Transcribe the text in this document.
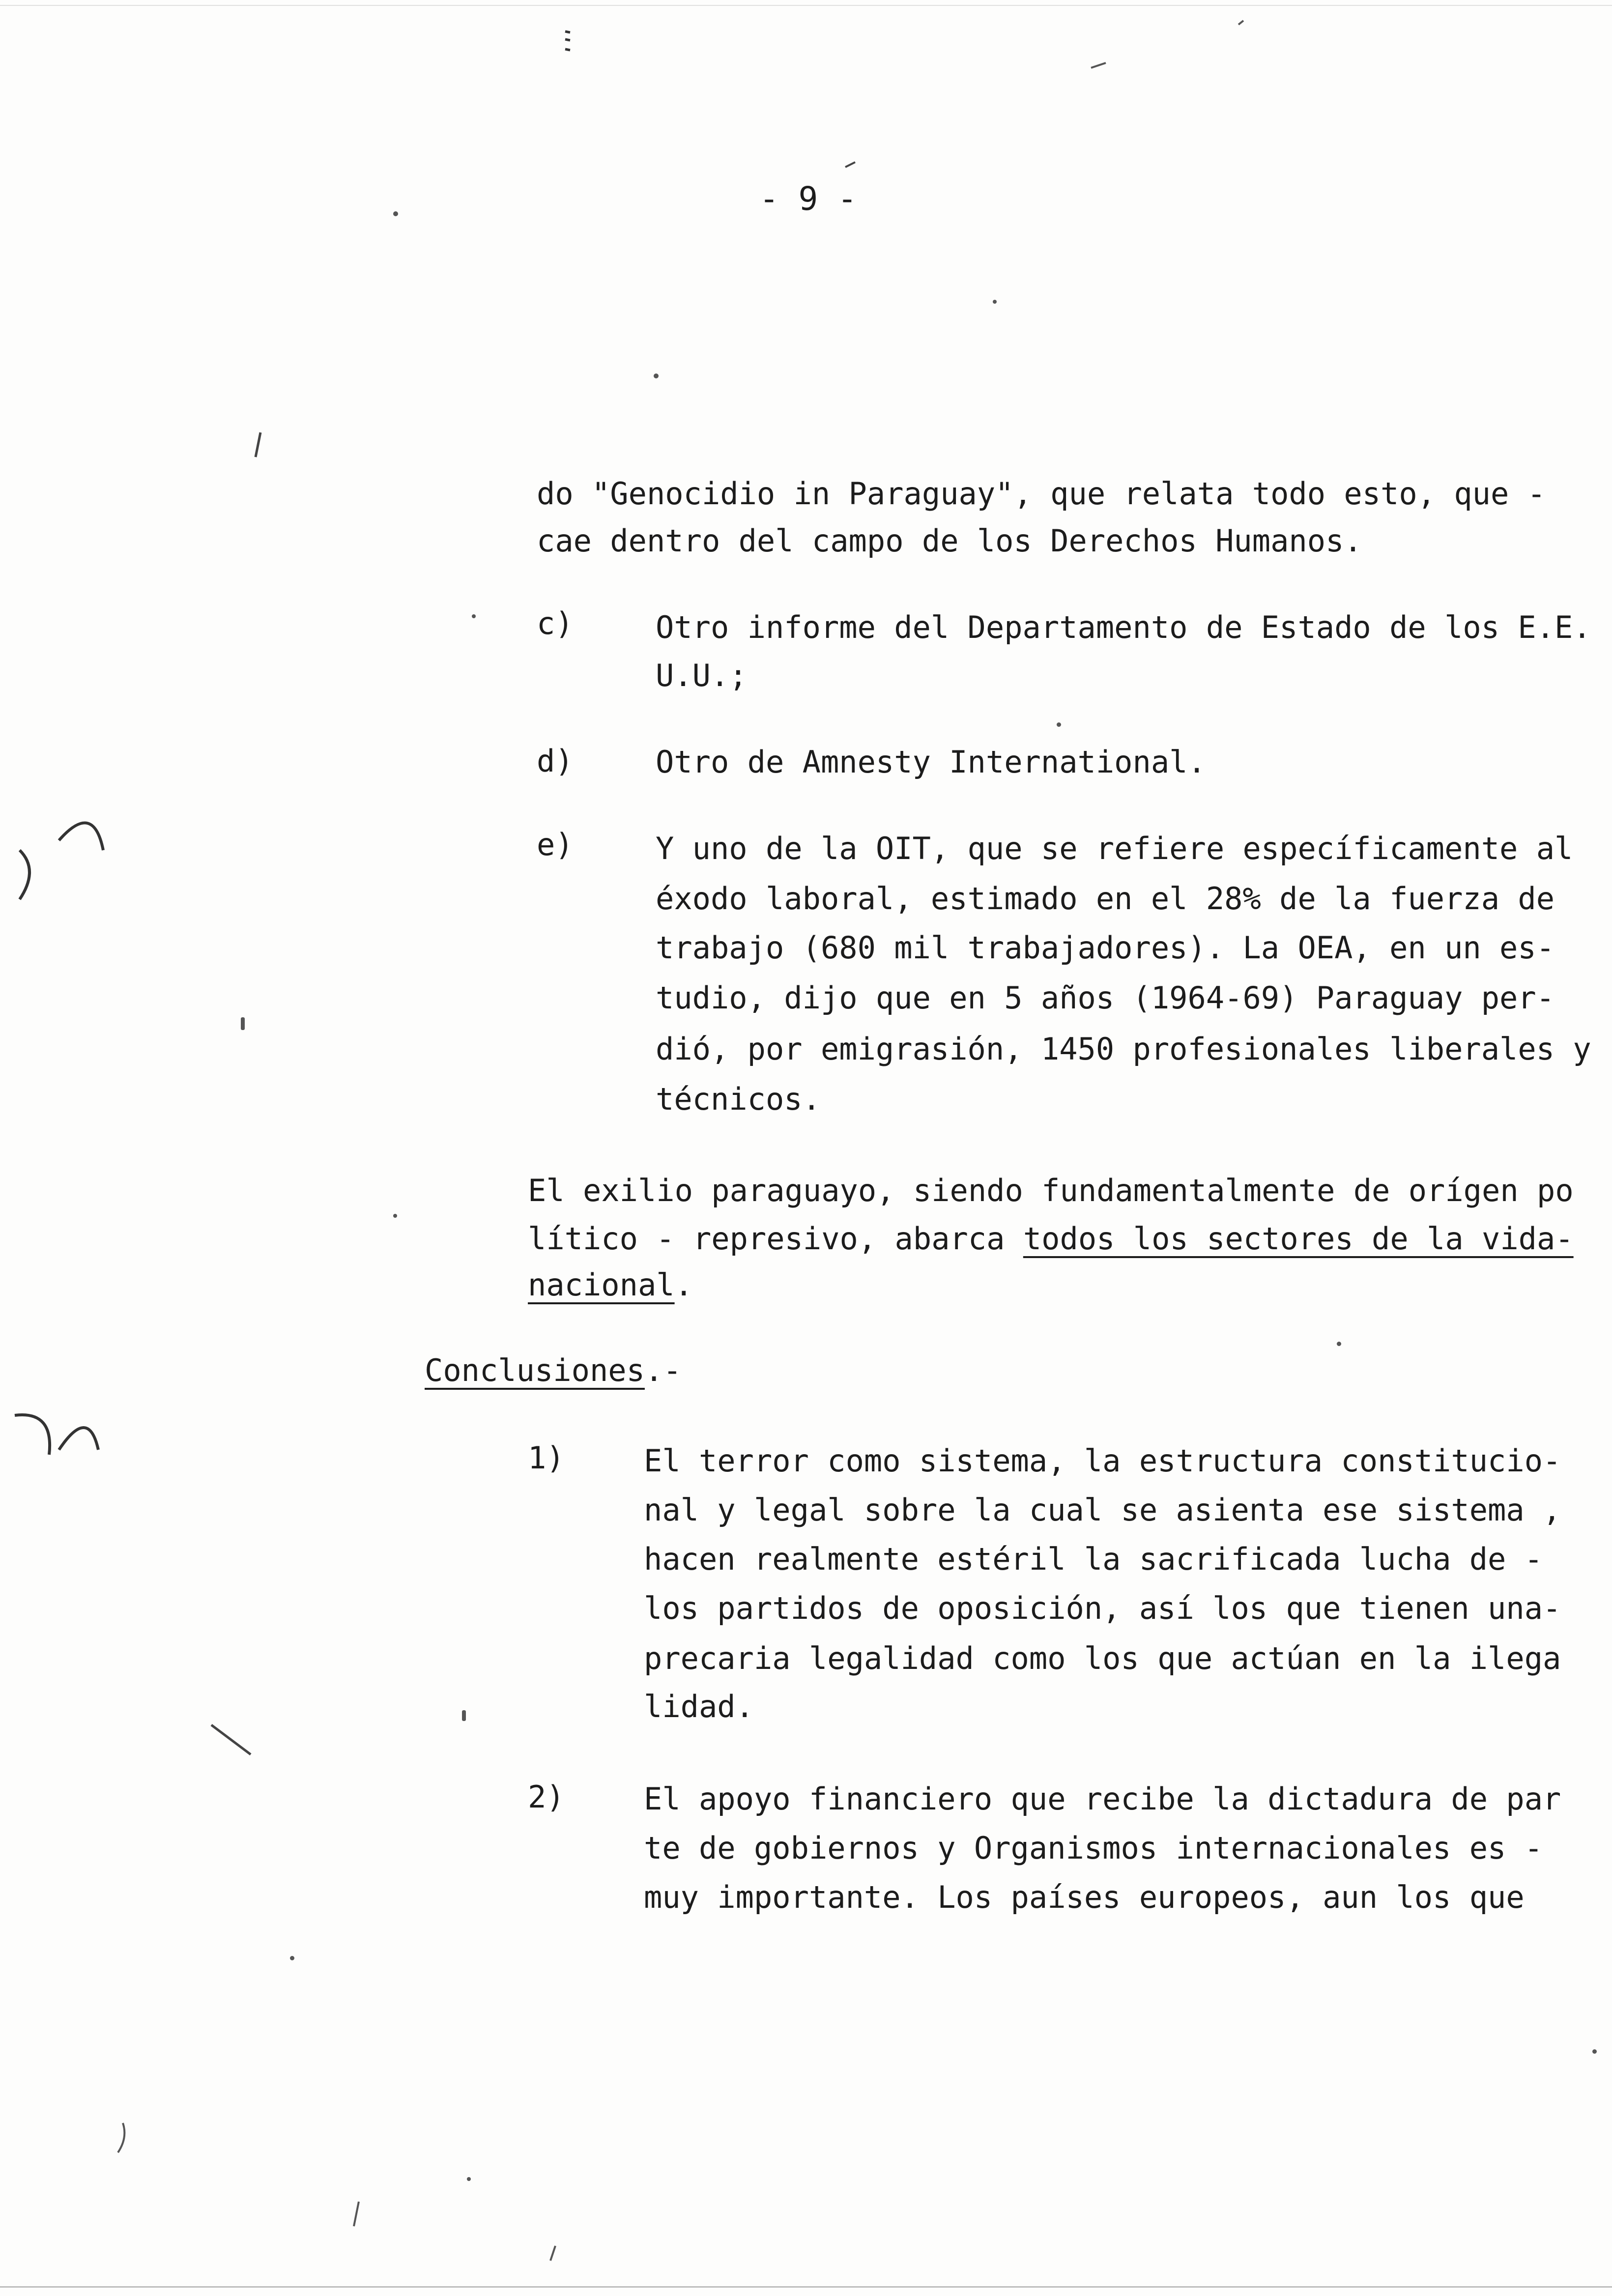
- 9 -
do "Genocidio in Paraguay", que relata todo esto, que -
cae dentro del campo de los Derechos Humanos.
c)	Otro informe del Departamento de Estado de los E.E.
U.U.;
d)	Otro de Amnesty International.
e)	Y uno de la OIT, que se refiere específicamente al
éxodo laboral, estimado en el 28% de la fuerza de
trabajo (680 mil trabajadores). La OEA, en un es-
tudio, dijo que en 5 años (1964-69) Paraguay per-
dió, por emigrasión, 1450 profesionales liberales y
técnicos.
El exilio paraguayo, siendo fundamentalmente de orígen po
lítico - represivo, abarca todos los sectores de la vida-
nacional.
Conclusiones.-
1)	El terror como sistema, la estructura constitucio-
nal y legal sobre la cual se asienta ese sistema ,
hacen realmente estéril la sacrificada lucha de -
los partidos de oposición, así los que tienen una-
precaria legalidad como los que actúan en la ilega
lidad.
2)	El apoyo financiero que recibe la dictadura de par
te de gobiernos y Organismos internacionales es -
muy importante. Los países europeos, aun los que
